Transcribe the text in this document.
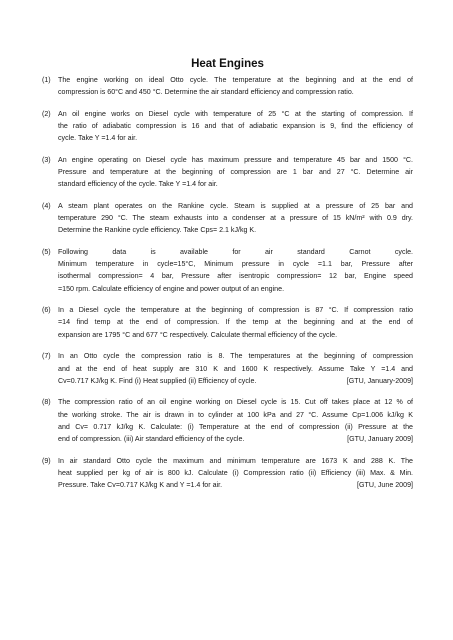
Heat Engines
(1)	The engine working on ideal Otto cycle. The temperature at the beginning and at the end of
compression is 60°C and 450 °C. Determine the air standard efficiency and compression ratio.
(2)	An oil engine works on Diesel cycle with temperature of 25 °C at the starting of compression. If
the ratio of adiabatic compression is 16 and that of adiabatic expansion is 9, find the efficiency of
cycle. Take Y =1.4 for air.
(3)	An engine operating on Diesel cycle has maximum pressure and temperature 45 bar and 1500 °C.
Pressure and temperature at the beginning of compression are 1 bar and 27 °C. Determine air
standard efficiency of the cycle. Take Y =1.4 for air.
(4)	A steam plant operates on the Rankine cycle. Steam is supplied at a pressure of 25 bar and
temperature 290 °C. The steam exhausts into a condenser at a pressure of 15 kN/m² with 0.9 dry.
Determine the Rankine cycle efficiency. Take Cps= 2.1 kJ/kg K.
(5)	Following data is available for air standard Carnot cycle.
Minimum temperature in cycle=15°C, Minimum pressure in cycle =1.1 bar, Pressure after
isothermal compression= 4 bar, Pressure after isentropic compression= 12 bar, Engine speed
=150 rpm. Calculate efficiency of engine and power output of an engine.
(6)	In a Diesel cycle the temperature at the beginning of compression is 87 °C. If compression ratio
=14 find temp at the end of compression. If the temp at the beginning and at the end of
expansion are 1795 °C and 677 °C respectively. Calculate thermal efficiency of the cycle.
(7)	In an Otto cycle the compression ratio is 8. The temperatures at the beginning of compression
and at the end of heat supply are 310 K and 1600 K respectively. Assume Take Y =1.4 and
[GTU, January-2009]
Cv=0.717 KJ/kg K. Find (i) Heat supplied (ii) Efficiency of cycle.
(8)	The compression ratio of an oil engine working on Diesel cycle is 15. Cut off takes place at 12 % of
the working stroke. The air is drawn in to cylinder at 100 kPa and 27 °C. Assume Cp=1.006 kJ/kg K
and Cv= 0.717 kJ/kg K. Calculate: (i) Temperature at the end of compression (ii) Pressure at the
[GTU, January 2009]
end of compression. (iii) Air standard efficiency of the cycle.
(9)	In air standard Otto cycle the maximum and minimum temperature are 1673 K and 288 K. The
heat supplied per kg of air is 800 kJ. Calculate (i) Compression ratio (ii) Efficiency (iii) Max. & Min.
[GTU, June 2009]
Pressure. Take Cv=0.717 KJ/kg K and Y =1.4 for air.
